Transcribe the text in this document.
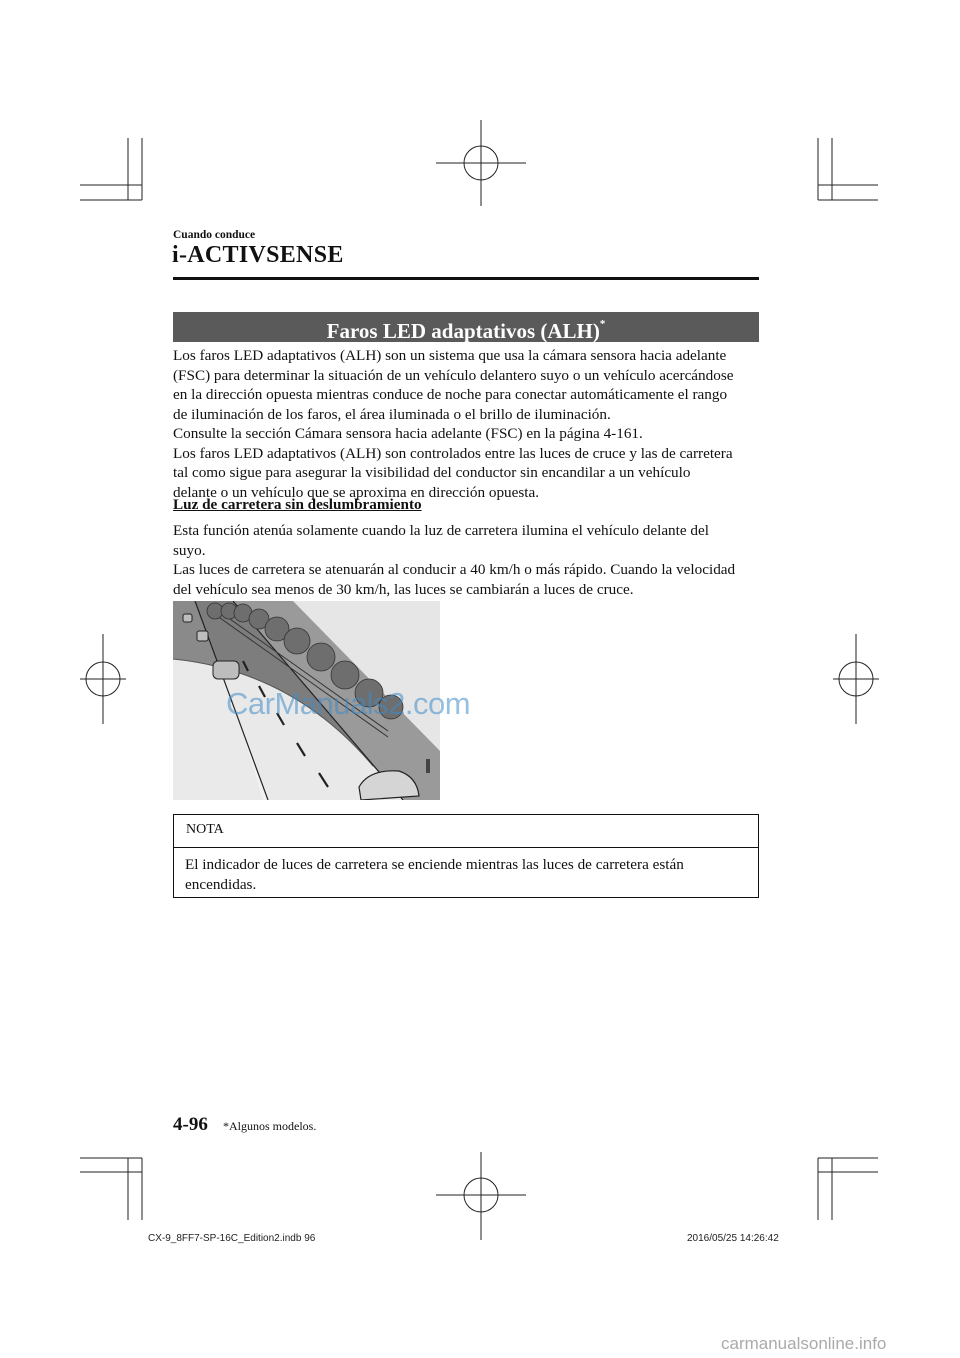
Cuando conduce
i-ACTIVSENSE
Faros LED adaptativos (ALH)*

Los faros LED adaptativos (ALH) son un sistema que usa la cámara sensora hacia adelante

(FSC) para determinar la situación de un vehículo delantero suyo o un vehículo acercándose

en la dirección opuesta mientras conduce de noche para conectar automáticamente el rango

de iluminación de los faros, el área iluminada o el brillo de iluminación.

Consulte la sección Cámara sensora hacia adelante (FSC) en la página 4-161.

Los faros LED adaptativos (ALH) son controlados entre las luces de cruce y las de carretera

tal como sigue para asegurar la visibilidad del conductor sin encandilar a un vehículo

delante o un vehículo que se aproxima en dirección opuesta.

Luz de carretera sin deslumbramiento

Esta función atenúa solamente cuando la luz de carretera ilumina el vehículo delante del

suyo.

Las luces de carretera se atenuarán al conducir a 40 km/h o más rápido. Cuando la velocidad

del vehículo sea menos de 30 km/h, las luces se cambiarán a luces de cruce.

CarManuals2.com
NOTA
El indicador de luces de carretera se enciende mientras las luces de carretera están
encendidas.
4-96 *Algunos modelos.
CX-9_8FF7-SP-16C_Edition2.indb 96	2016/05/25 14:26:42
carmanualsonline.info
